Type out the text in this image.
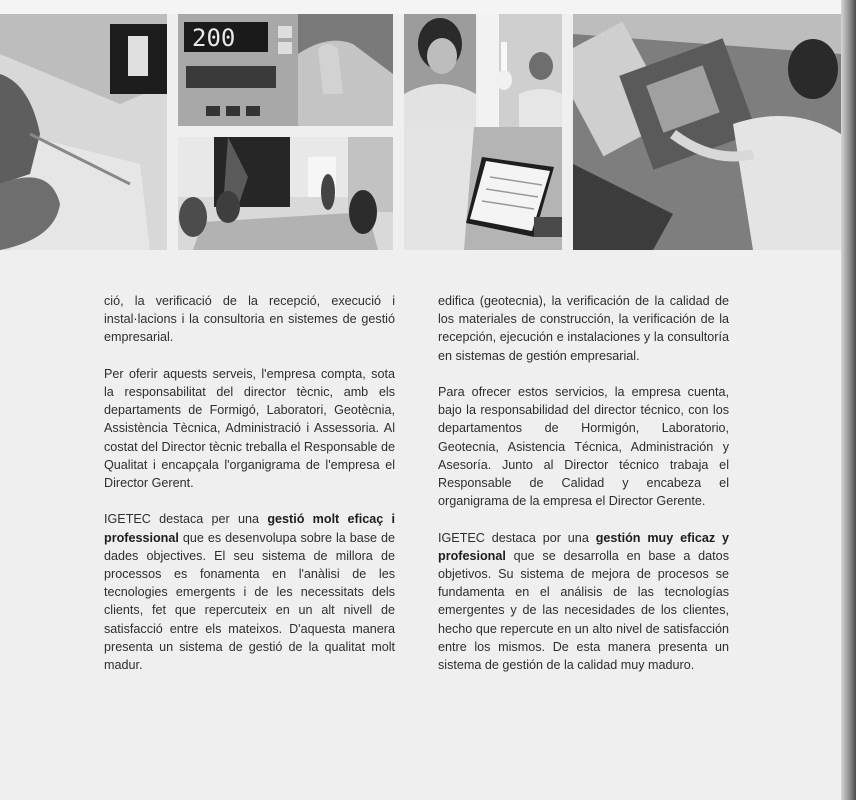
200

ció, la verificació de la recepció, execució i instal·lacions i la consultoria en sistemes de gestió empresarial.

Per oferir aquests serveis, l'empresa compta, sota la responsabilitat del director tècnic, amb els departaments de Formigó, Laboratori, Geotècnia, Assistència Tècnica, Administració i Assessoria. Al costat del Director tècnic treballa el Responsable de Qualitat i encapçala l'organigrama de l'empresa el Director Gerent.

IGETEC destaca per una gestió molt eficaç i professional que es desenvolupa sobre la base de dades objectives. El seu sistema de millora de processos es fonamenta en l'anàlisi de les tecnologies emergents i de les necessitats dels clients, fet que repercuteix en un alt nivell de satisfacció entre els mateixos. D'aquesta manera presenta un sistema de gestió de la qualitat molt madur.

edifica (geotecnia), la verificación de la calidad de los materiales de construcción, la verificación de la recepción, ejecución e instalaciones y la consultoría en sistemas de gestión empresarial.

Para ofrecer estos servicios, la empresa cuenta, bajo la responsabilidad del director técnico, con los departamentos de Hormigón, Laboratorio, Geotecnia, Asistencia Técnica, Administración y Asesoría. Junto al Director técnico trabaja el Responsable de Calidad y encabeza el organigrama de la empresa el Director Gerente.

IGETEC destaca por una gestión muy eficaz y profesional que se desarrolla en base a datos objetivos. Su sistema de mejora de procesos se fundamenta en el análisis de las tecnologías emergentes y de las necesidades de los clientes, hecho que repercute en un alto nivel de satisfacción entre los mismos. De esta manera presenta un sistema de gestión de la calidad muy maduro.
